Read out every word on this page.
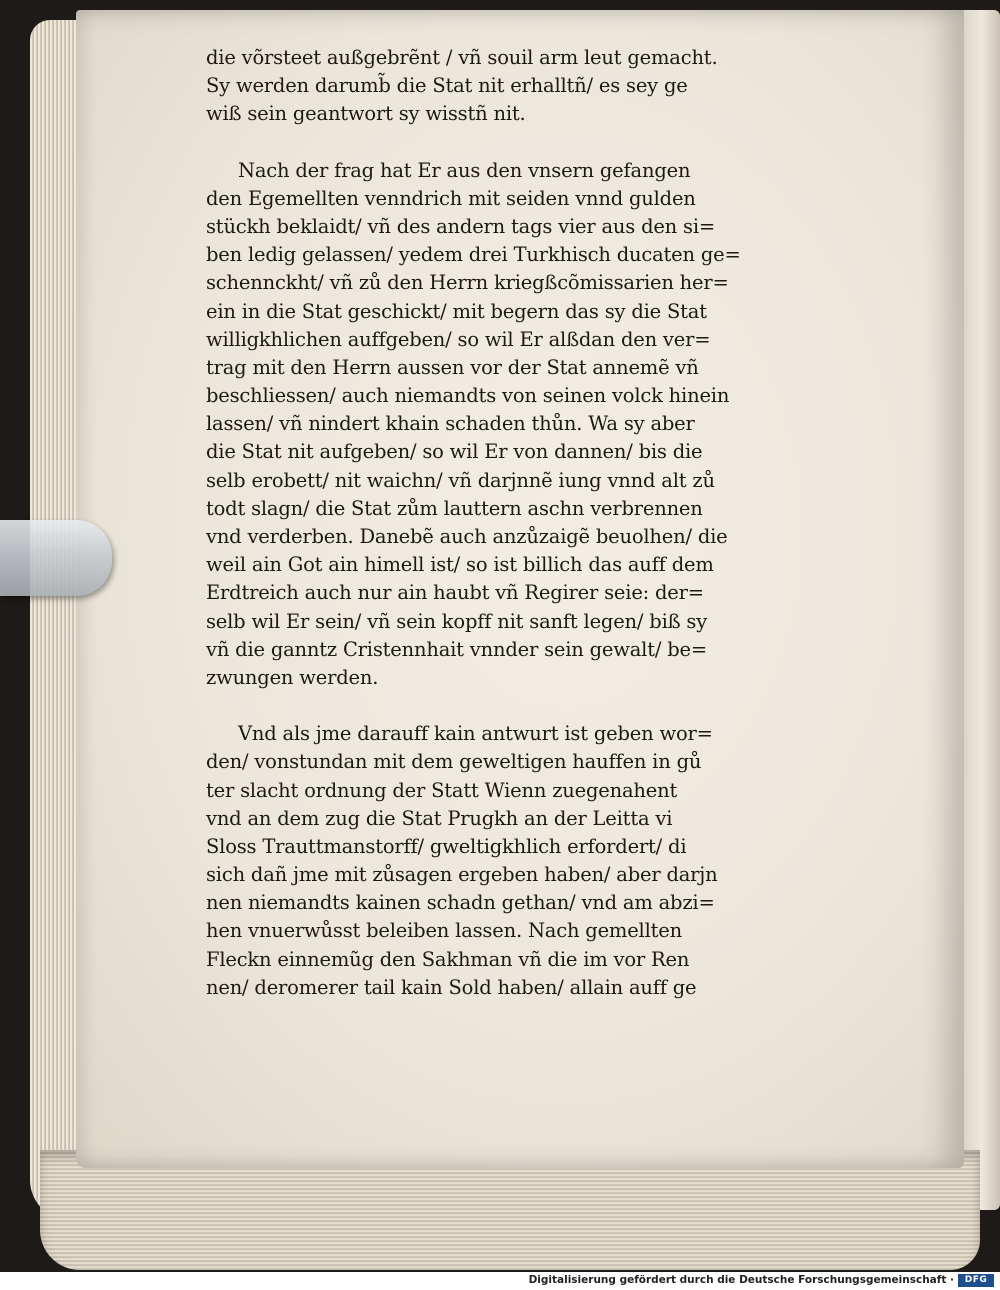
die võrsteet außgebrẽnt / vñ souil arm leut gemacht.
Sy werden darumb̃ die Stat nit erhalltñ/ es sey ge
wiß sein geantwort sy wisstñ nit.
Nach der frag hat Er aus den vnsern gefangen
den Egemellten venndrich mit seiden vnnd gulden
stückh beklaidt/ vñ des andern tags vier aus den si=
ben ledig gelassen/ yedem drei Turkhisch ducaten ge=
schennckht/ vñ zů den Herrn kriegßcõmissarien her=
ein in die Stat geschickt/ mit begern das sy die Stat
willigkhlichen auffgeben/ so wil Er alßdan den ver=
trag mit den Herrn aussen vor der Stat annemẽ vñ
beschliessen/ auch niemandts von seinen volck hinein
lassen/ vñ nindert khain schaden thůn. Wa sy aber
die Stat nit aufgeben/ so wil Er von dannen/ bis die
selb erobett/ nit waichn/ vñ darjnnẽ iung vnnd alt zů
todt slagn/ die Stat zům lauttern aschn verbrennen
vnd verderben. Danebẽ auch anzůzaigẽ beuolhen/ die
weil ain Got ain himell ist/ so ist billich das auff dem
Erdtreich auch nur ain haubt vñ Regirer seie: der=
selb wil Er sein/ vñ sein kopff nit sanft legen/ biß sy
vñ die ganntz Cristennhait vnnder sein gewalt/ be=
zwungen werden.
Vnd als jme darauff kain antwurt ist geben wor=
den/ vonstundan mit dem geweltigen hauffen in gů
ter slacht ordnung der Statt Wienn zuegenahent
vnd an dem zug die Stat Prugkh an der Leitta vi
Sloss Trauttmanstorff/ gweltigkhlich erfordert/ di
sich dañ jme mit zůsagen ergeben haben/ aber darjn
nen niemandts kainen schadn gethan/ vnd am abzi=
hen vnuerwůsst beleiben lassen. Nach gemellten
Fleckn einnemũg den Sakhman vñ die im vor Ren
nen/ deromerer tail kain Sold haben/ allain auff ge
Digitalisierung gefördert durch die Deutsche Forschungsgemeinschaft ·	DFG
